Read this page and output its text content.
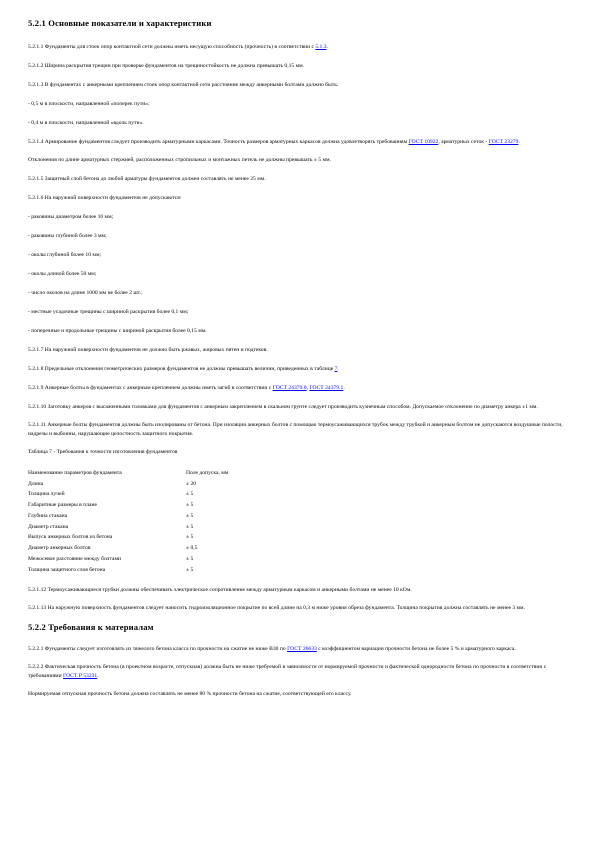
5.2.1 Основные показатели и характеристики
5.2.1.1 Фундаменты для стоек опор контактной сети должны иметь несущую способность (прочность) в соответствии с 5.1.3.
5.2.1.2 Ширина раскрытия трещин при проверке фундаментов на трещиностойкость не должна превышать 0,15 мм.
5.2.1.3 В фундаментах с анкерными креплением стоек опор контактной сети расстояние между анкерными болтами должно быть:
- 0,5 м в плоскости, направленной «поперек пути»;
- 0,4 м в плоскости, направленной «вдоль пути».
5.2.1.4 Армирование фундаментов следует производить арматурными каркасами. Точность размеров арматурных каркасов должна удовлетворять требованиям ГОСТ 10922, арматурных сеток - ГОСТ 23279.
Отклонения по длине арматурных стержней, расположенных стропильных и монтажных петель не должны превышать ± 5 мм.
5.2.1.5 Защитный слой бетона до любой арматуры фундаментов должен составлять не менее 25 мм.
5.2.1.6 На наружной поверхности фундаментов не допускаются:
- раковины диаметром более 10 мм;
- раковины глубиной более 3 мм;
- околы глубиной более 10 мм;
- околы длиной более 50 мм;
- число околов на длине 1000 мм не более 2 шт.;
- местные усадочные трещины с шириной раскрытия более 0,1 мм;
- поперечные и продольные трещины с шириной раскрытия более 0,15 мм.
5.2.1.7 На наружной поверхности фундаментов не должно быть ржавых, жировых пятен и подтеков.
5.2.1.8 Предельные отклонения геометрических размеров фундаментов не должны превышать величин, приведенных в таблице 7.
5.2.1.9 Анкерные болты в фундаментах с анкерным креплением должны иметь загиб в соответствии с ГОСТ 24379.0, ГОСТ 24379.1.
5.2.1.10 Заготовку анкеров с высаженными головками для фундаментов с анкерным закреплением в скальном грунте следует производить кузнечным способом. Допускаемое отклонение по диаметру анкера ±1 мм.
5.2.1.11 Анкерные болты фундаментов должны быть изолированы от бетона. При изоляции анкерных болтов с помощью термоусаживающихся трубок между трубкой и анкерным болтом не допускаются воздушные полости, надрезы и выбоины, нарушающие целостность защитного покрытия.
Таблица 7 - Требования к точности изготовления фундаментов
Наименование параметров фундамента	Поле допуска, мм
Длина	± 20
Толщина лучей	± 5
Габаритные размеры в плане	± 5
Глубина стакана	± 5
Диаметр стакана	± 5
Выпуск анкерных болтов из бетона	± 5
Диаметр анкерных болтов	± 0,5
Межосевое расстояние между болтами	± 5
Толщина защитного слоя бетона	± 5
5.2.1.12 Термоусаживающиеся трубки должны обеспечивать электрическое сопротивление между арматурным каркасом и анкерными болтами не менее 10 кОм.
5.2.1.13 На наружную поверхность фундаментов следует наносить гидроизоляционное покрытие по всей длине на 0,3 м ниже уровня обреза фундамента. Толщина покрытия должна составлять не менее 3 мм.
5.2.2 Требования к материалам
5.2.2.1 Фундаменты следует изготовлять из тяжелого бетона класса по прочности на сжатие не ниже В30 по ГОСТ 26633 с коэффициентом вариации прочности бетона не более 5 % и арматурного каркаса.
5.2.2.2 Фактическая прочность бетона (в проектном возрасте, отпускная) должна быть не ниже требуемой в зависимости от нормируемой прочности и фактической однородности бетона по прочности в соответствии с требованиями ГОСТ Р 53231.
Нормируемая отпускная прочность бетона должна составлять не менее 80 % прочности бетона на сжатие, соответствующей его классу.
